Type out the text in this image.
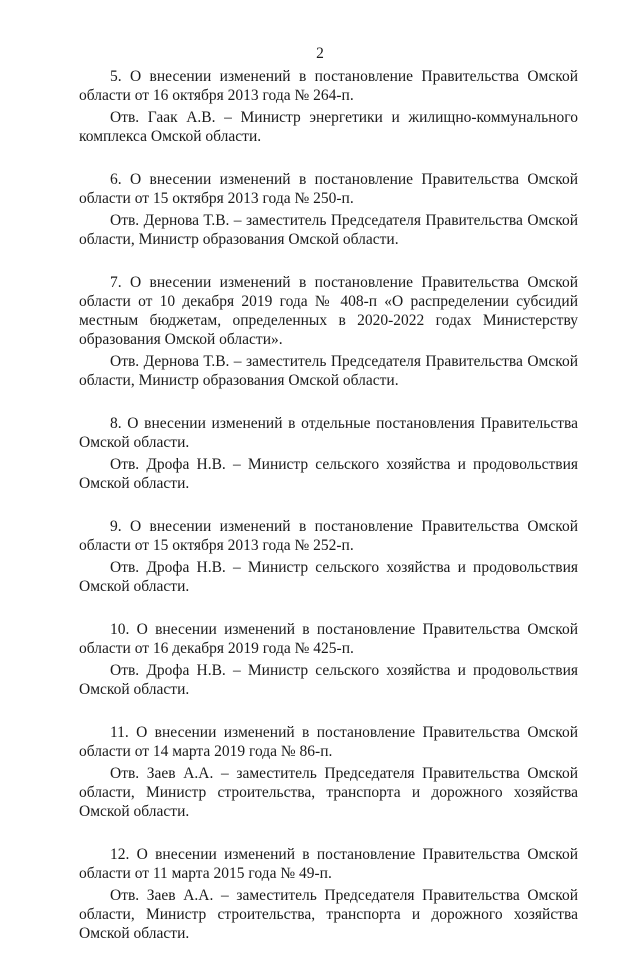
2

5. О внесении изменений в постановление Правительства Омской области от 16 октября 2013 года № 264-п.

Отв. Гаак А.В. – Министр энергетики и жилищно-коммунального комплекса Омской области.

6. О внесении изменений в постановление Правительства Омской области от 15 октября 2013 года № 250-п.

Отв. Дернова Т.В. – заместитель Председателя Правительства Омской области, Министр образования Омской области.

7. О внесении изменений в постановление Правительства Омской области от 10 декабря 2019 года № 408-п «О распределении субсидий местным бюджетам, определенных в 2020-2022 годах Министерству образования Омской области».

Отв. Дернова Т.В. – заместитель Председателя Правительства Омской области, Министр образования Омской области.

8. О внесении изменений в отдельные постановления Правительства Омской области.

Отв. Дрофа Н.В. – Министр сельского хозяйства и продовольствия Омской области.

9. О внесении изменений в постановление Правительства Омской области от 15 октября 2013 года № 252-п.

Отв. Дрофа Н.В. – Министр сельского хозяйства и продовольствия Омской области.

10. О внесении изменений в постановление Правительства Омской области от 16 декабря 2019 года № 425-п.

Отв. Дрофа Н.В. – Министр сельского хозяйства и продовольствия Омской области.

11. О внесении изменений в постановление Правительства Омской области от 14 марта 2019 года № 86-п.

Отв. Заев А.А. – заместитель Председателя Правительства Омской области, Министр строительства, транспорта и дорожного хозяйства Омской области.

12. О внесении изменений в постановление Правительства Омской области от 11 марта 2015 года № 49-п.

Отв. Заев А.А. – заместитель Председателя Правительства Омской области, Министр строительства, транспорта и дорожного хозяйства Омской области.
